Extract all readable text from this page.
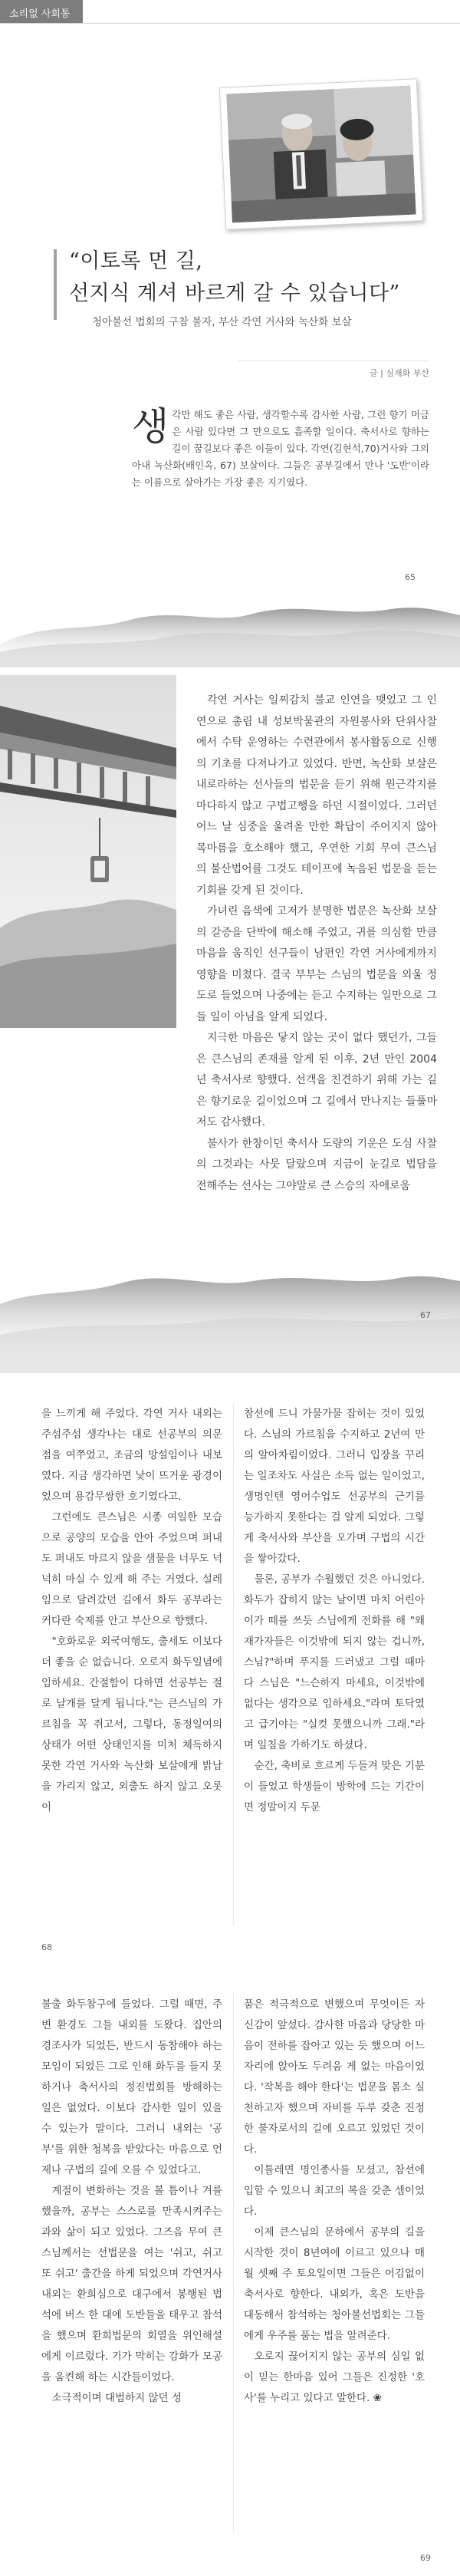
소리없 사회통
“이토록 먼 길,
선지식 계셔 바르게 갈 수 있습니다”
청아불선 법회의 구참 불자, 부산 각연 거사와 녹산화 보살
글 | 심재화 부산
생 각만 해도 좋은 사람, 생각할수록 감사한 사람, 그런 향기 머금은 사람 있다면 그 만으로도 흡족할 일이다. 축서사로 향하는 길이 꿈길보다 좋은 이들이 있다. 각연(김현석,70)거사와 그의 아내 녹산화(배인옥, 67) 보살이다. 그들은 공부길에서 만나 '도반'이라는 이름으로 살아가는 가장 좋은 지기였다.
65

각연 거사는 일찌감치 불교 인연을 맺었고 그 인연으로 총림 내 성보박물관의 자원봉사와 단위사찰에서 수탁 운영하는 수련관에서 봉사활동으로 신행의 기초를 다져나가고 있었다. 반면, 녹산화 보살은 내로라하는 선사들의 법문을 듣기 위해 원근각지를 마다하지 않고 구법고행을 하던 시절이었다. 그러던 어느 날 심중을 울려올 만한 확답이 주어지지 않아 목마름을 호소해야 했고, 우연한 기회 무여 큰스님의 불산법어를 그것도 테이프에 녹음된 법문을 듣는 기회를 갖게 된 것이다.

가녀린 음색에 고저가 분명한 법문은 녹산화 보살의 갈증을 단박에 해소해 주었고, 귀를 의심할 만큼 마음을 움직인 선구들이 남편인 각연 거사에게까지 영향을 미쳤다. 결국 부부는 스님의 법문을 외울 정도로 들었으며 나중에는 듣고 수지하는 일만으로 그들 일이 아님을 알게 되었다.

지극한 마음은 닿지 않는 곳이 없다 했던가, 그들은 큰스님의 존재를 알게 된 이후, 2년 만인 2004년 축서사로 향했다. 선객을 친견하기 위해 가는 길은 향기로운 길이었으며 그 길에서 만나지는 들풀마저도 감사했다.

불사가 한창이던 축서사 도량의 기운은 도심 사찰의 그것과는 사뭇 달랐으며 지금이 눈길로 법담을 전해주는 선사는 그야말로 큰 스승의 자애로움

67

을 느끼게 해 주었다. 각연 거사 내외는 주섬주섬 생각나는 대로 선공부의 의문점을 여쭈었고, 조금의 망설임이나 내보였다. 지금 생각하면 낯이 뜨거운 광경이었으며 용감무쌍한 호기였다고.

그런에도 큰스님은 시종 여일한 모습으로 공양의 모습을 안아 주었으며 퍼내도 퍼내도 마르지 않을 샘물을 너무도 넉넉히 마실 수 있게 해 주는 거였다. 설레임으로 달려갔던 길에서 화두 공부라는 커다란 숙제를 안고 부산으로 향했다.

"호화로운 외국여행도, 출세도 이보다 더 좋을 순 없습니다. 오로지 화두일념에 임하세요. 간절함이 다하면 선공부는 절로 날개를 달게 됩니다."는 큰스님의 가르침을 꼭 쥐고서, 그렇다, 동정일여의 상태가 어떤 상태인지를 미처 체득하지 못한 각연 거사와 녹산화 보살에게 밝남을 가리지 않고, 외출도 하지 않고 오롯이

참선에 드니 가물가물 잡히는 것이 있었다. 스님의 가르침을 수지하고 2년여 만의 알아차림이었다. 그러니 입장을 꾸리는 일조차도 사실은 소득 없는 일이었고, 생명인텐 영어수업도 선공부의 근기를 능가하지 못한다는 걸 알게 되었다. 그렇게 축서사와 부산을 오가며 구법의 시간을 쌓아갔다.

물론, 공부가 수월했던 것은 아니었다. 화두가 잡히지 않는 날이면 마치 어린아이가 떼를 쓰듯 스님에게 전화를 해 "왜 재가자들은 이것밖에 되지 않는 겁니까, 스님?"하며 푸지를 드러냈고 그럴 때마다 스님은 "느슨하지 마세요, 이것밖에 없다는 생각으로 임하세요."라며 토닥였고 급기야는 "실컷 못했으니까 그래."라며 일침을 가하기도 하셨다.

순간, 축비로 흐르게 두들겨 맞은 기분이 들었고 학생들이 방학에 드는 기간이면 정말이지 두문

68

불출 화두참구에 들었다. 그럴 때면, 주변 환경도 그들 내외를 도왔다. 집안의 경조사가 되었든, 반드시 동참해야 하는 모임이 되었든 그로 인해 화두를 들지 못하거나 축서사의 정진법회를 방해하는 일은 없었다. 이보다 감사한 일이 있을 수 있는가 말이다. 그러니 내외는 '공부'를 위한 청복을 받았다는 마음으로 언제나 구법의 길에 오를 수 있었다고.

계절이 변화하는 것을 볼 틈이나 겨를했을까, 공부는 스스로를 만족시켜주는 과와 삶이 되고 있었다. 그즈음 무여 큰스님께서는 선법문을 여는 '쉬고, 쉬고 또 쉬고' 출간을 하게 되었으며 각연거사 내외는 환희심으로 대구에서 봉행된 법석에 버스 한 대에 도반들을 태우고 참석을 했으며 환희법문의 회열을 위인해설에게 이르렀다. 기가 막히는 감화가 모공을 움켠해 하는 시간들이었다.

소극적이며 대범하지 않던 성

품은 적극적으로 변했으며 무엇이든 자신감이 앞섰다. 감사한 마음과 당당한 마음이 전하를 잡아고 있는 듯 했으며 어느 자리에 앉아도 두려움 게 없는 마음이었다. '작복을 해야 한다'는 법문을 몸소 실천하고자 했으며 자비를 두루 갖춘 진정한 불자로서의 길에 오르고 있었던 것이다.

이틀레면 명인종사를 모셨고, 참선에 입할 수 있으니 최고의 복을 갖춘 셈이었다.

이제 큰스님의 문하에서 공부의 길을 시작한 것이 8년여에 이르고 있으나 매월 셋째 주 토요일이면 그들은 어김없이 축서사로 향한다. 내외가, 혹은 도반을 대동해서 참석하는 청아불선법회는 그들에게 우주를 품는 법을 알려준다.

오로지 끊어지지 않는 공부의 심일 없이 믿는 한마음 있어 그들은 진정한 '호사'를 누리고 있다고 말한다. ❀

69
